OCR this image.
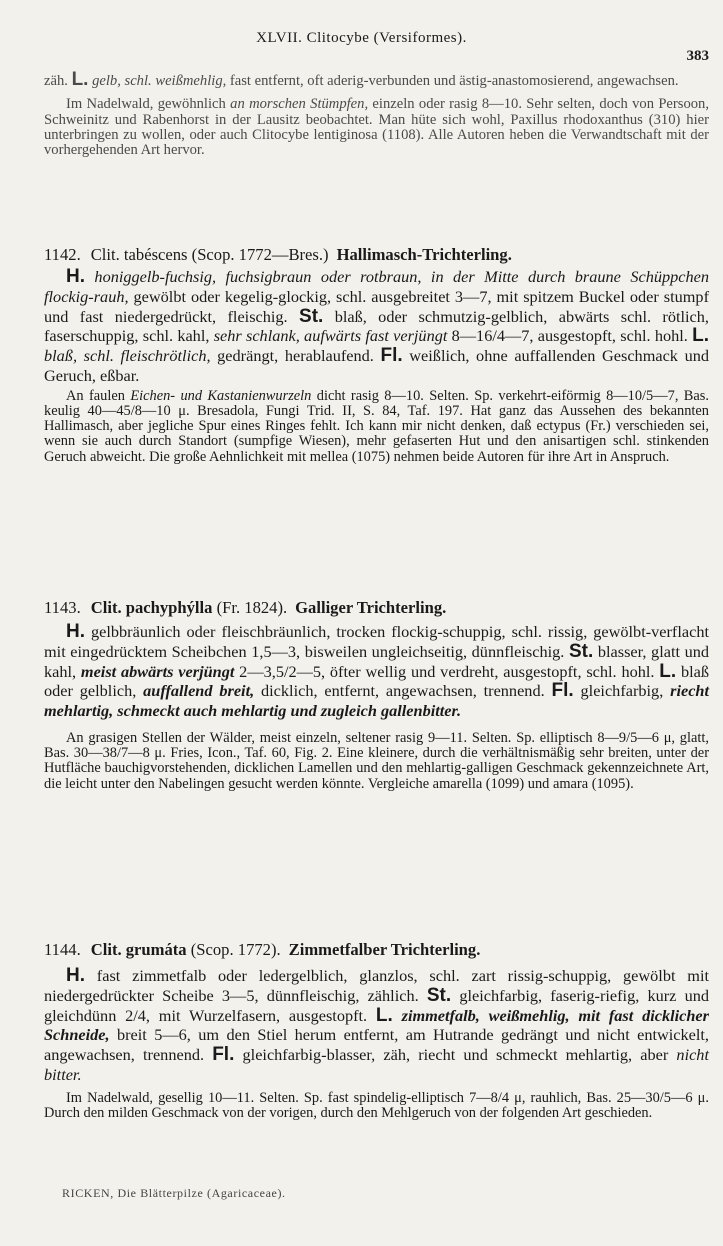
XLVII. Clitocybe (Versiformes).
383

zäh. L. gelb, schl. weißmehlig, fast entfernt, oft aderig-verbunden und ästig-anastomosierend, angewachsen.

Im Nadelwald, gewöhnlich an morschen Stümpfen, einzeln oder rasig 8—10. Sehr selten, doch von Persoon, Schweinitz und Rabenhorst in der Lausitz beobachtet. Man hüte sich wohl, Paxillus rhodoxanthus (310) hier unterbringen zu wollen, oder auch Clitocybe lentiginosa (1108). Alle Autoren heben die Verwandtschaft mit der vorhergehenden Art hervor.

1142. Clit. tabéscens (Scop. 1772—Bres.) Hallimasch-Trichterling.

H. honiggelb-fuchsig, fuchsigbraun oder rotbraun, in der Mitte durch braune Schüppchen flockig-rauh, gewölbt oder kegelig-glockig, schl. ausgebreitet 3—7, mit spitzem Buckel oder stumpf und fast niedergedrückt, fleischig. St. blaß, oder schmutzig-gelblich, abwärts schl. rötlich, faserschuppig, schl. kahl, sehr schlank, aufwärts fast verjüngt 8—16/4—7, ausgestopft, schl. hohl. L. blaß, schl. fleischrötlich, gedrängt, herablaufend. Fl. weißlich, ohne auffallenden Geschmack und Geruch, eßbar.

An faulen Eichen- und Kastanienwurzeln dicht rasig 8—10. Selten. Sp. verkehrt-eiförmig 8—10/5—7, Bas. keulig 40—45/8—10 μ. Bresadola, Fungi Trid. II, S. 84, Taf. 197. Hat ganz das Aussehen des bekannten Hallimasch, aber jegliche Spur eines Ringes fehlt. Ich kann mir nicht denken, daß ectypus (Fr.) verschieden sei, wenn sie auch durch Standort (sumpfige Wiesen), mehr gefaserten Hut und den anisartigen schl. stinkenden Geruch abweicht. Die große Aehnlichkeit mit mellea (1075) nehmen beide Autoren für ihre Art in Anspruch.

1143. Clit. pachyphýlla (Fr. 1824). Galliger Trichterling.

H. gelbbräunlich oder fleischbräunlich, trocken flockig-schuppig, schl. rissig, gewölbt-verflacht mit eingedrücktem Scheibchen 1,5—3, bisweilen ungleichseitig, dünnfleischig. St. blasser, glatt und kahl, meist abwärts verjüngt 2—3,5/2—5, öfter wellig und verdreht, ausgestopft, schl. hohl. L. blaß oder gelblich, auffallend breit, dicklich, entfernt, angewachsen, trennend. Fl. gleichfarbig, riecht mehlartig, schmeckt auch mehlartig und zugleich gallenbitter.

An grasigen Stellen der Wälder, meist einzeln, seltener rasig 9—11. Selten. Sp. elliptisch 8—9/5—6 μ, glatt, Bas. 30—38/7—8 μ. Fries, Icon., Taf. 60, Fig. 2. Eine kleinere, durch die verhältnismäßig sehr breiten, unter der Hutfläche bauchigvorstehenden, dicklichen Lamellen und den mehlartig-galligen Geschmack gekennzeichnete Art, die leicht unter den Nabelingen gesucht werden könnte. Vergleiche amarella (1099) und amara (1095).

1144. Clit. grumáta (Scop. 1772). Zimmetfalber Trichterling.

H. fast zimmetfalb oder ledergelblich, glanzlos, schl. zart rissig-schuppig, gewölbt mit niedergedrückter Scheibe 3—5, dünnfleischig, zählich. St. gleichfarbig, faserig-riefig, kurz und gleichdünn 2/4, mit Wurzelfasern, ausgestopft. L. zimmetfalb, weißmehlig, mit fast dicklicher Schneide, breit 5—6, um den Stiel herum entfernt, am Hutrande gedrängt und nicht entwickelt, angewachsen, trennend. Fl. gleichfarbig-blasser, zäh, riecht und schmeckt mehlartig, aber nicht bitter.

Im Nadelwald, gesellig 10—11. Selten. Sp. fast spindelig-elliptisch 7—8/4 μ, rauhlich, Bas. 25—30/5—6 μ. Durch den milden Geschmack von der vorigen, durch den Mehlgeruch von der folgenden Art geschieden.

RICKEN, Die Blätterpilze (Agaricaceae).
